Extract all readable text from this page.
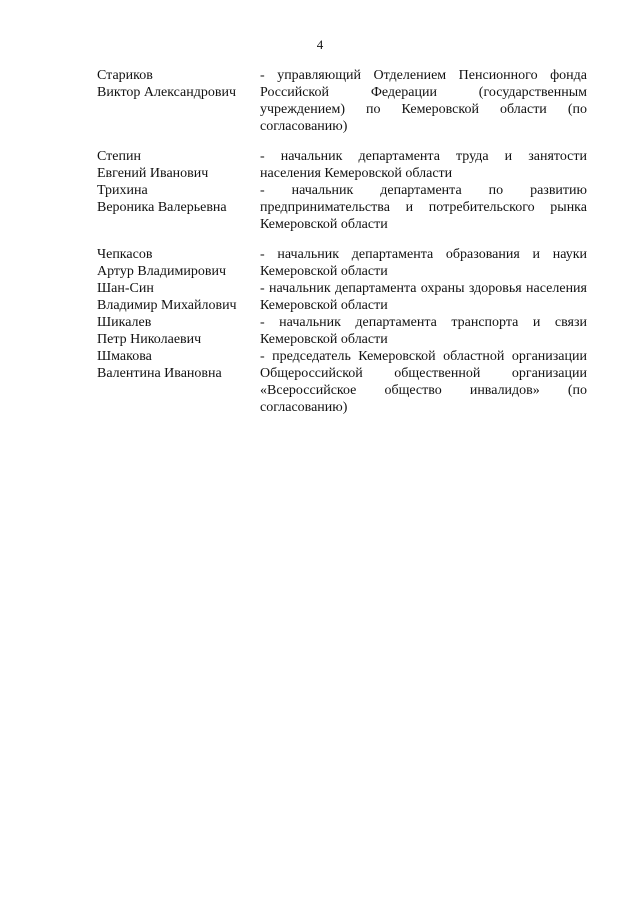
4
Стариков
Виктор Александрович
- управляющий Отделением Пенсионного фонда Российской Федерации (государственным учреждением) по Кемеровской области (по согласованию)
Степин
Евгений Иванович
- начальник департамента труда и занятости населения Кемеровской области
Трихина
Вероника Валерьевна
- начальник департамента по развитию предпринимательства и потребительского рынка Кемеровской области
Чепкасов
Артур Владимирович
- начальник департамента образования и науки Кемеровской области
Шан-Син
Владимир Михайлович
- начальник департамента охраны здоровья населения Кемеровской области
Шикалев
Петр Николаевич
- начальник департамента транспорта и связи Кемеровской области
Шмакова
Валентина Ивановна
- председатель Кемеровской областной организации Общероссийской общественной организации «Всероссийское общество инвалидов» (по согласованию)
